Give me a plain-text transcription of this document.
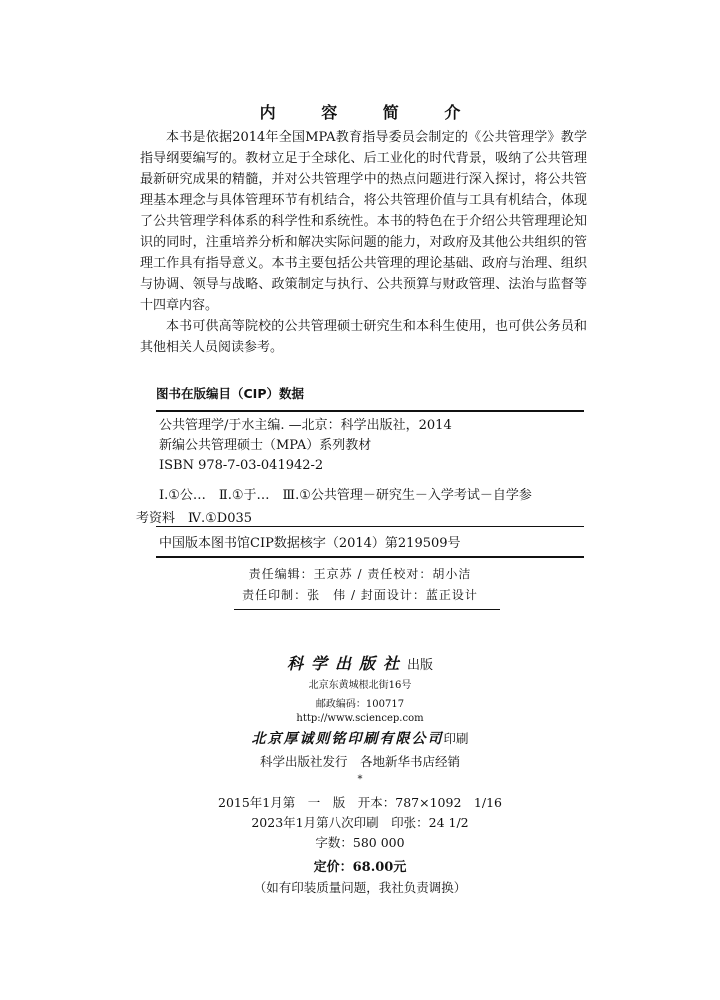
内 容 简 介

本书是依据2014年全国MPA教育指导委员会制定的《公共管理学》教学指导纲要编写的。教材立足于全球化、后工业化的时代背景，吸纳了公共管理最新研究成果的精髓，并对公共管理学中的热点问题进行深入探讨，将公共管理基本理念与具体管理环节有机结合，将公共管理价值与工具有机结合，体现了公共管理学科体系的科学性和系统性。本书的特色在于介绍公共管理理论知识的同时，注重培养分析和解决实际问题的能力，对政府及其他公共组织的管理工作具有指导意义。本书主要包括公共管理的理论基础、政府与治理、组织与协调、领导与战略、政策制定与执行、公共预算与财政管理、法治与监督等十四章内容。

本书可供高等院校的公共管理硕士研究生和本科生使用，也可供公务员和其他相关人员阅读参考。

图书在版编目（CIP）数据
公共管理学/于水主编. —北京：科学出版社，2014
新编公共管理硕士（MPA）系列教材
ISBN 978-7-03-041942-2
Ⅰ.①公…　Ⅱ.①于…　Ⅲ.①公共管理－研究生－入学考试－自学参
考资料　Ⅳ.①D035
中国版本图书馆CIP数据核字（2014）第219509号
责任编辑：王京苏 / 责任校对：胡小洁
责任印制：张　伟 / 封面设计：蓝正设计
科学出版社出版
北京东黄城根北街16号
邮政编码：100717
http://www.sciencep.com
北京厚诚则铭印刷有限公司印刷
科学出版社发行　各地新华书店经销
*
2015年1月第　一　版　开本：787×1092　1/16
2023年1月第八次印刷　印张：24 1/2
字数：580 000
定价：68.00元
（如有印装质量问题，我社负责调换）
